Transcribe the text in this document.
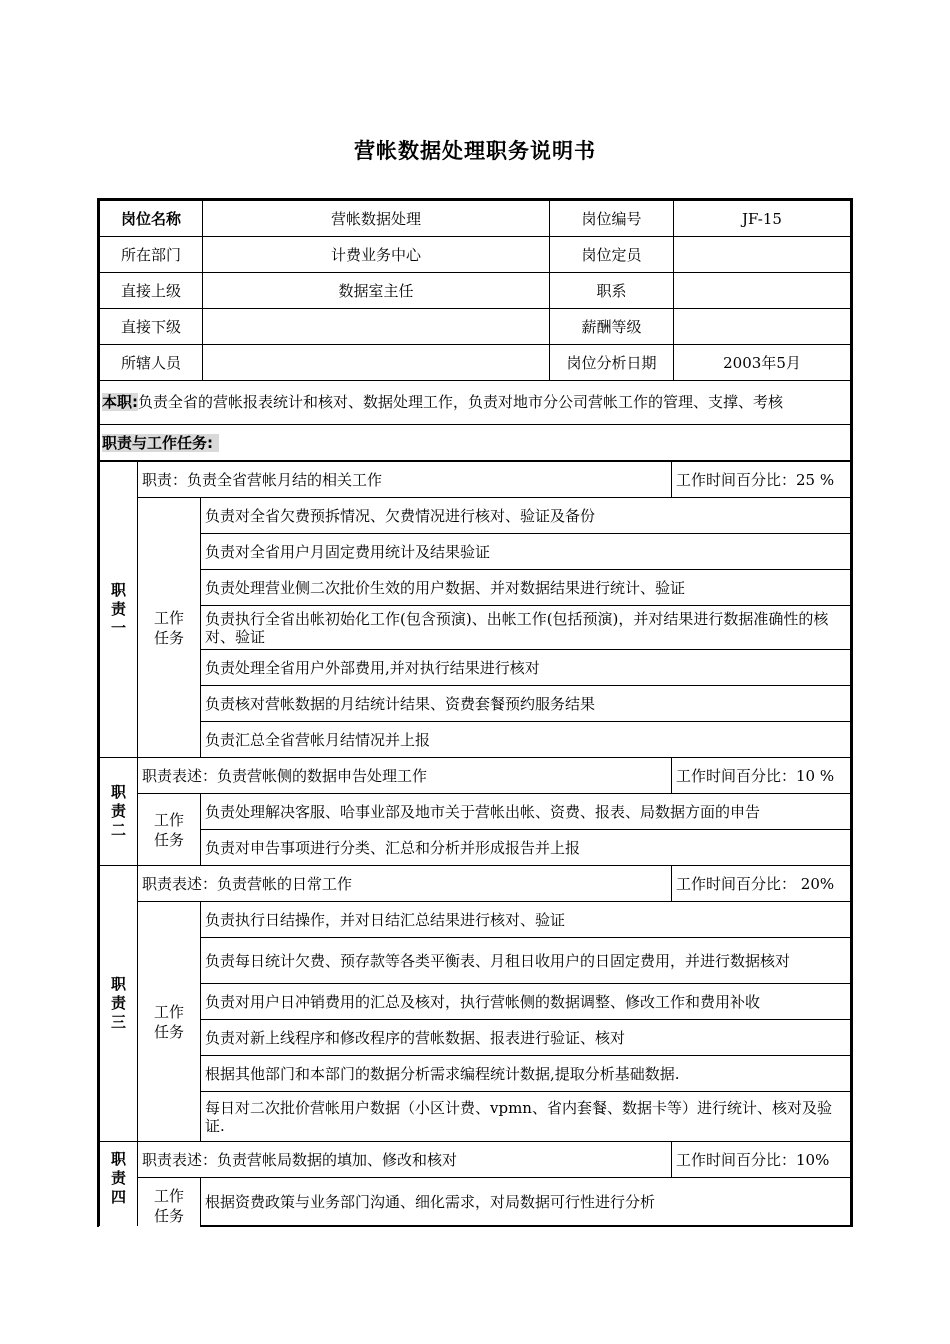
营帐数据处理职务说明书
岗位名称	营帐数据处理	岗位编号	JF-15
所在部门	计费业务中心	岗位定员	
直接上级	数据室主任	职系	
直接下级		薪酬等级	
所辖人员		岗位分析日期	2003年5月
本职:负责全省的营帐报表统计和核对、数据处理工作，负责对地市分公司营帐工作的管理、支撑、考核			
职责与工作任务:			
职责一	职责：负责全省营帐月结的相关工作		工作时间百分比：25 %
	工作任务	负责对全省欠费预拆情况、欠费情况进行核对、验证及备份	
		负责对全省用户月固定费用统计及结果验证	
		负责处理营业侧二次批价生效的用户数据、并对数据结果进行统计、验证	
		负责执行全省出帐初始化工作(包含预演)、出帐工作(包括预演)，并对结果进行数据准确性的核对、验证	
		负责处理全省用户外部费用,并对执行结果进行核对	
		负责核对营帐数据的月结统计结果、资费套餐预约服务结果	
		负责汇总全省营帐月结情况并上报	
职责二	职责表述：负责营帐侧的数据申告处理工作		工作时间百分比：10 %
	工作任务	负责处理解决客服、哈事业部及地市关于营帐出帐、资费、报表、局数据方面的申告	
		负责对申告事项进行分类、汇总和分析并形成报告并上报	
职责三	职责表述：负责营帐的日常工作		工作时间百分比： 20%
	工作任务	负责执行日结操作，并对日结汇总结果进行核对、验证	
		负责每日统计欠费、预存款等各类平衡表、月租日收用户的日固定费用，并进行数据核对	
		负责对用户日冲销费用的汇总及核对，执行营帐侧的数据调整、修改工作和费用补收	
		负责对新上线程序和修改程序的营帐数据、报表进行验证、核对	
		根据其他部门和本部门的数据分析需求编程统计数据,提取分析基础数据.	
		每日对二次批价营帐用户数据（小区计费、vpmn、省内套餐、数据卡等）进行统计、核对及验证.	
职责四	职责表述：负责营帐局数据的填加、修改和核对		工作时间百分比：10%
	工作任务	根据资费政策与业务部门沟通、细化需求，对局数据可行性进行分析	
